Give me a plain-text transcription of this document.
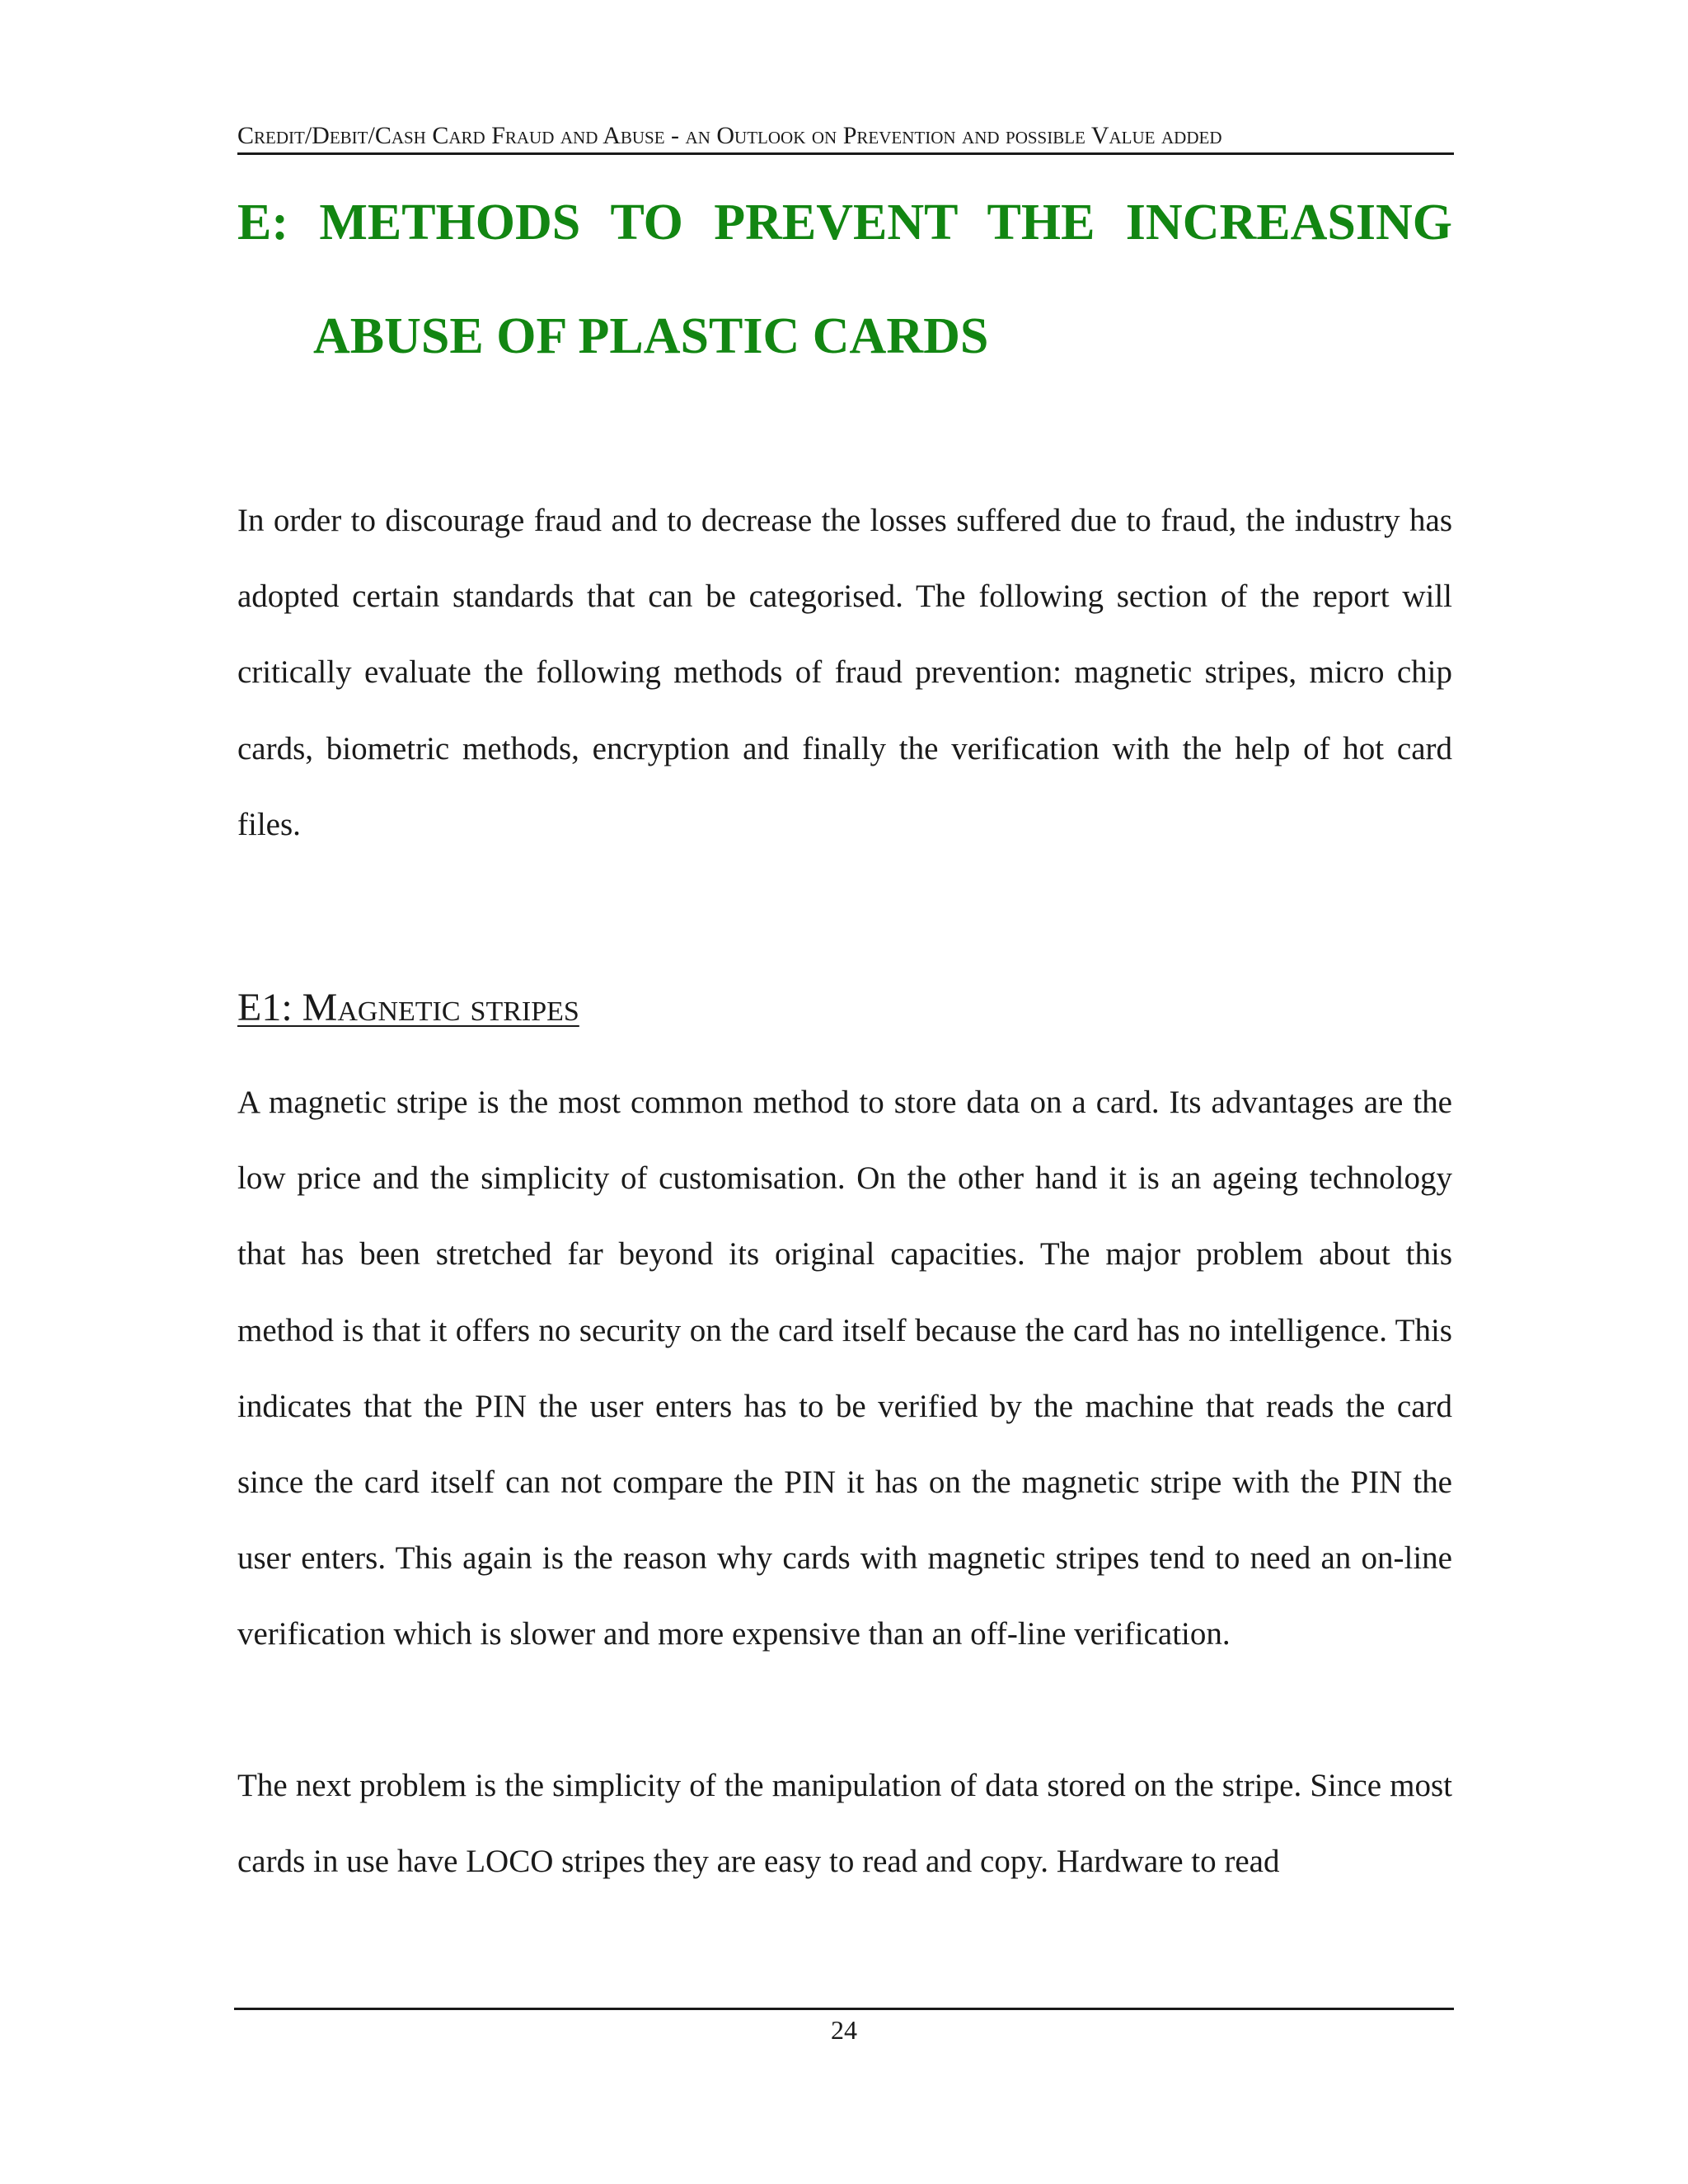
Credit/Debit/Cash Card Fraud and Abuse - an Outlook on Prevention and possible Value added
E: METHODS TO PREVENT THE INCREASING
ABUSE OF PLASTIC CARDS

In order to discourage fraud and to decrease the losses suffered due to fraud, the industry has adopted certain standards that can be categorised. The following section of the report will critically evaluate the following methods of fraud prevention: magnetic stripes, micro chip cards, biometric methods, encryption and finally the verification with the help of hot card files.

E1: Magnetic stripes

A magnetic stripe is the most common method to store data on a card. Its advantages are the low price and the simplicity of customisation. On the other hand it is an ageing technology that has been stretched far beyond its original capacities. The major problem about this method is that it offers no security on the card itself because the card has no intelligence. This indicates that the PIN the user enters has to be verified by the machine that reads the card since the card itself can not compare the PIN it has on the magnetic stripe with the PIN the user enters. This again is the reason why cards with magnetic stripes tend to need an on-line verification which is slower and more expensive than an off-line verification.

The next problem is the simplicity of the manipulation of data stored on the stripe. Since most cards in use have LOCO stripes they are easy to read and copy. Hardware to read

24
